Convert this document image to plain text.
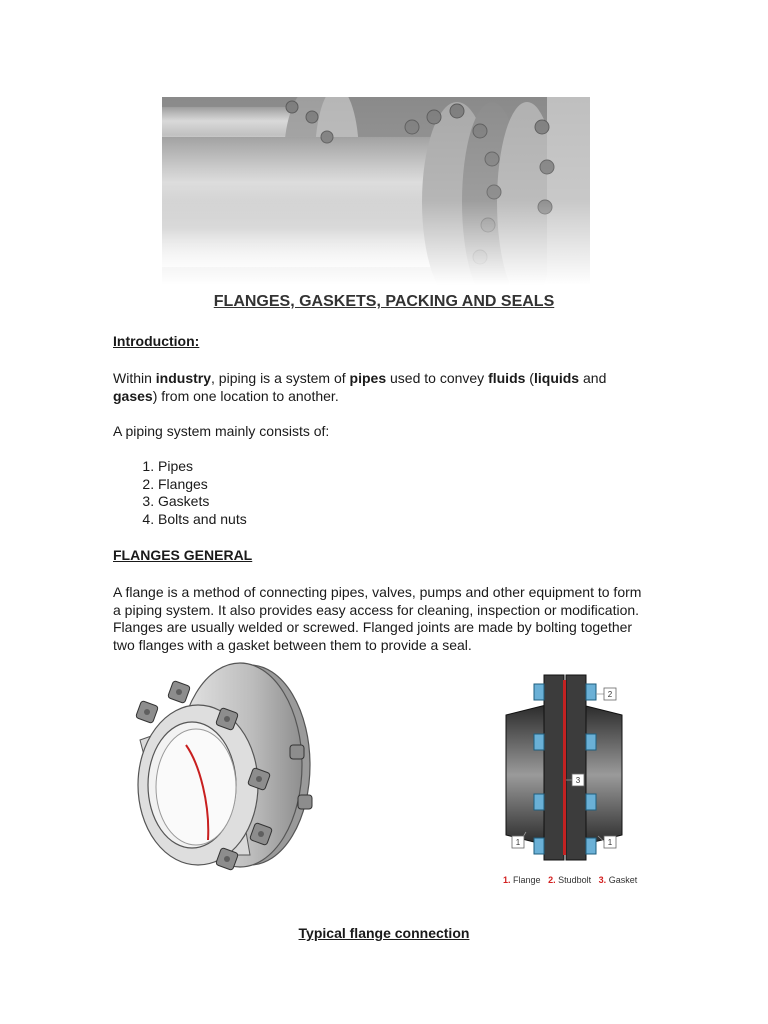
FLANGES, GASKETS, PACKING AND SEALS
Introduction:

Within industry, piping is a system of pipes used to convey fluids (liquids and
gases) from one location to another.

A piping system mainly consists of:

1. Pipes
2. Flanges
3. Gaskets
4. Bolts and nuts
FLANGES GENERAL

A flange is a method of connecting pipes, valves, pumps and other equipment to form a piping system. It also provides easy access for cleaning, inspection or modification. Flanges are usually welded or screwed. Flanged joints are made by bolting together two flanges with a gasket between them to provide a seal.

2
3
1	1
1. Flange 2. Studbolt 3. Gasket
Typical flange connection
